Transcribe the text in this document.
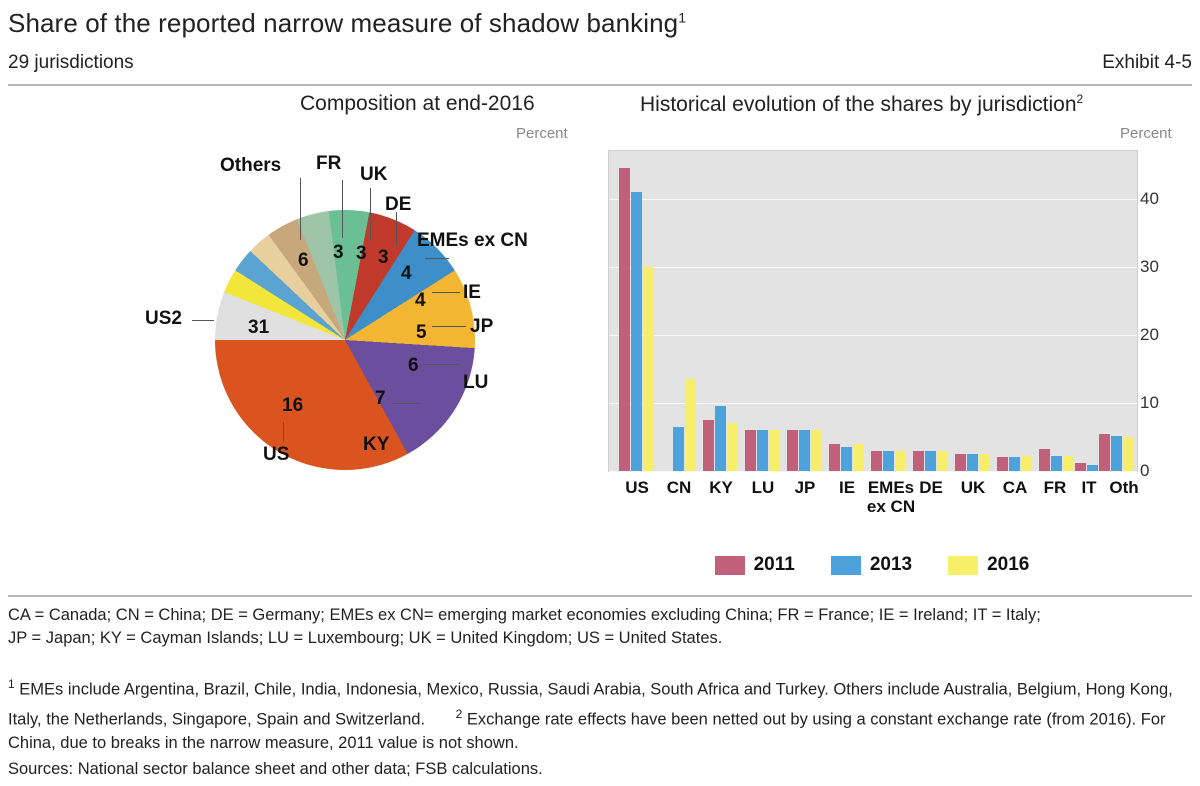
Share of the reported narrow measure of shadow banking$^1$
29 jurisdictions	Exhibit 4-5
Composition at end-2016
Percent
6 3 3 3
4
4
5
6
7
16
31
Others FR
UK
DE
EMEs ex CN
IE
JP
LU
KY
US
US2
Historical evolution of the shares by jurisdiction$^2$
Percent
0
10
20
30
40
US	CN	KY	LU	JP	IE EMEs ex CN
DE	UK	CA FR IT Oth
2011	2013	2016
CA = Canada; CN = China; DE = Germany; EMEs ex CN= emerging market economies excluding China; FR = France; IE = Ireland; IT = Italy;
JP = Japan; KY = Cayman Islands; LU = Luxembourg; UK = United Kingdom; US = United States.
$^1$ EMEs include Argentina, Brazil, Chile, India, Indonesia, Mexico, Russia, Saudi Arabia, South Africa and Turkey. Others include Australia, Belgium, Hong Kong, Italy, the Netherlands, Singapore, Spain and Switzerland.	$^2$ Exchange rate effects have been netted out by using a constant exchange rate (from 2016). For China, due to breaks in the narrow measure, 2011 value is not shown.
Sources: National sector balance sheet and other data; FSB calculations.
